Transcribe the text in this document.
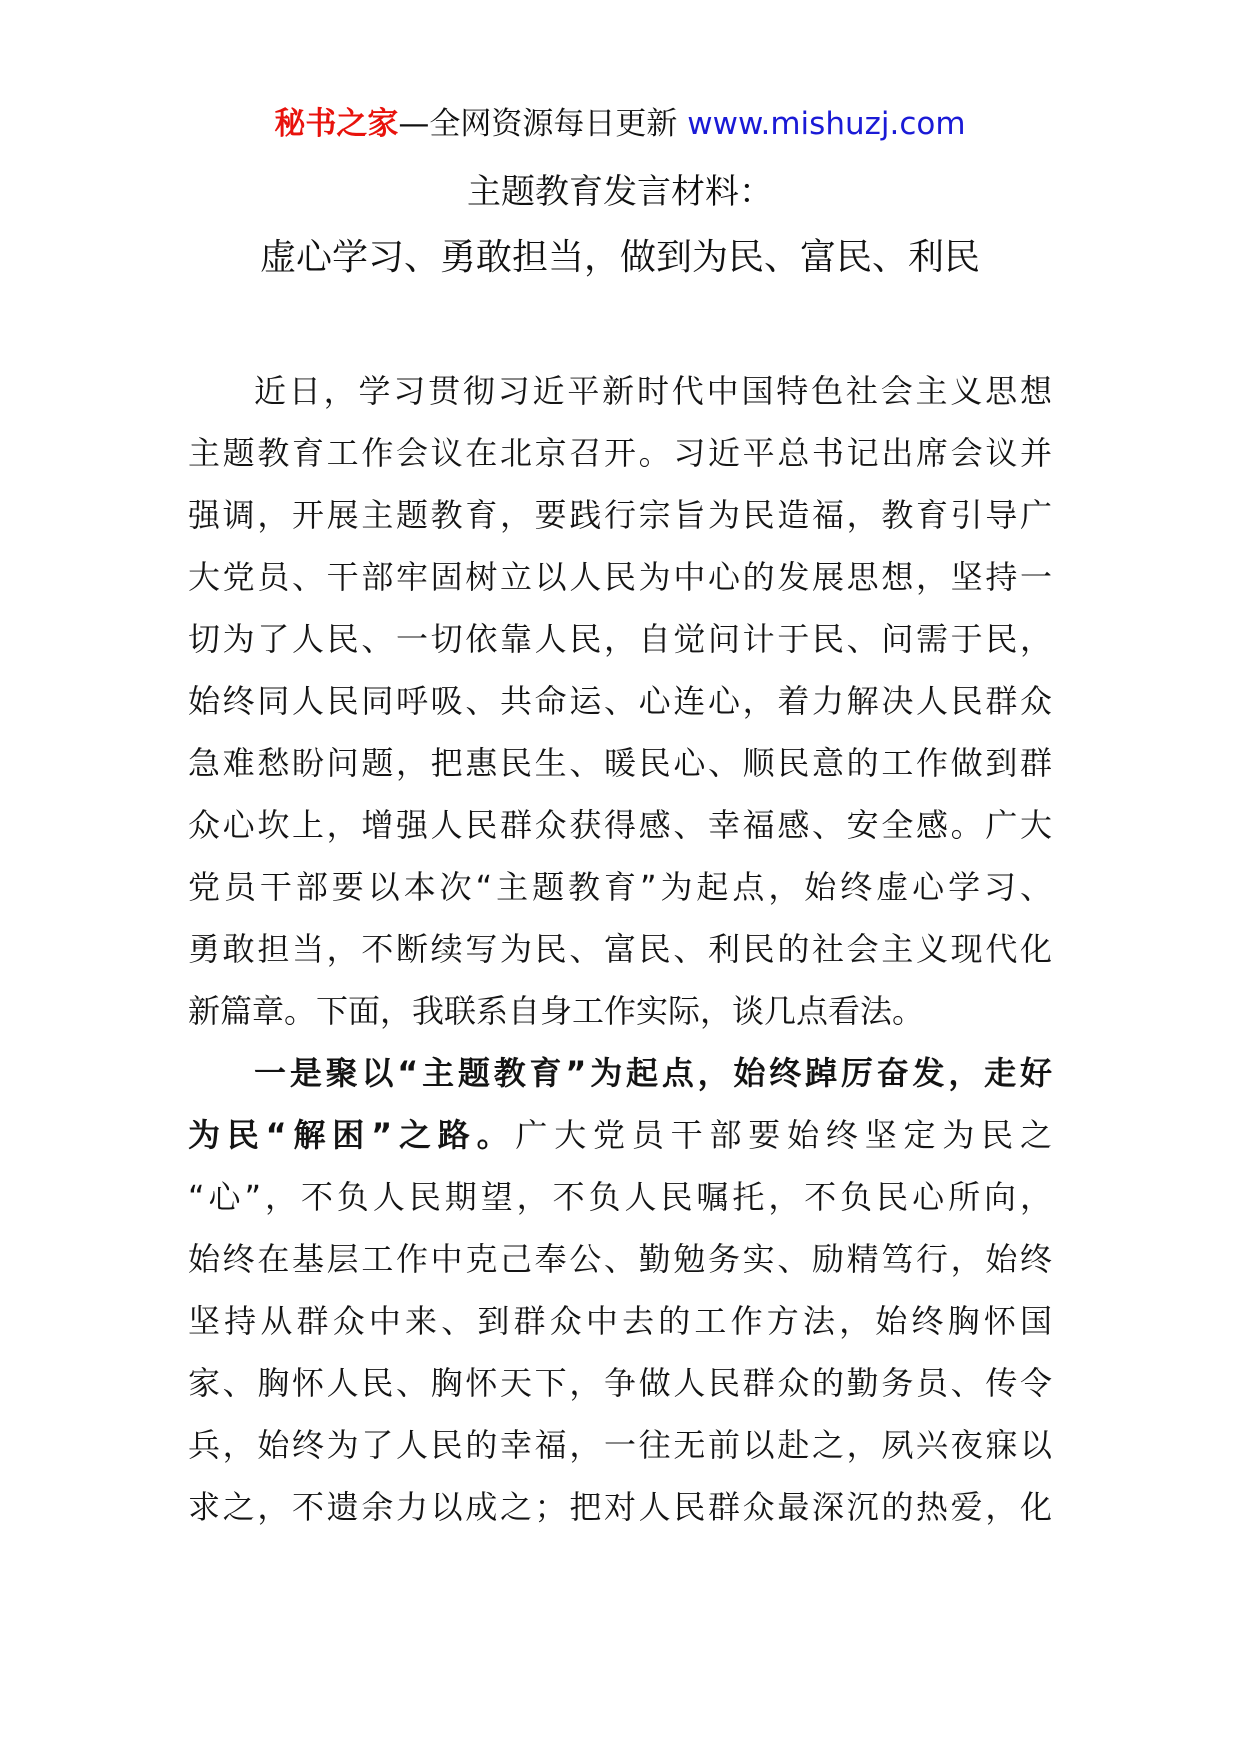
秘书之家—全网资源每日更新 www.mishuzj.com
主题教育发言材料：
虚心学习、勇敢担当，做到为民、富民、利民
近日，学习贯彻习近平新时代中国特色社会主义思想
主题教育工作会议在北京召开。习近平总书记出席会议并
强调，开展主题教育，要践行宗旨为民造福，教育引导广
大党员、干部牢固树立以人民为中心的发展思想，坚持一
切为了人民、一切依靠人民，自觉问计于民、问需于民，
始终同人民同呼吸、共命运、心连心，着力解决人民群众
急难愁盼问题，把惠民生、暖民心、顺民意的工作做到群
众心坎上，增强人民群众获得感、幸福感、安全感。广大
党员干部要以本次“主题教育”为起点，始终虚心学习、
勇敢担当，不断续写为民、富民、利民的社会主义现代化
新篇章。下面，我联系自身工作实际，谈几点看法。
一是聚以“主题教育”为起点，始终踔厉奋发，走好
为民“解困”之路。广大党员干部要始终坚定为民之
“心”，不负人民期望，不负人民嘱托，不负民心所向，
始终在基层工作中克己奉公、勤勉务实、励精笃行，始终
坚持从群众中来、到群众中去的工作方法，始终胸怀国
家、胸怀人民、胸怀天下，争做人民群众的勤务员、传令
兵，始终为了人民的幸福，一往无前以赴之，夙兴夜寐以
求之，不遗余力以成之；把对人民群众最深沉的热爱，化
